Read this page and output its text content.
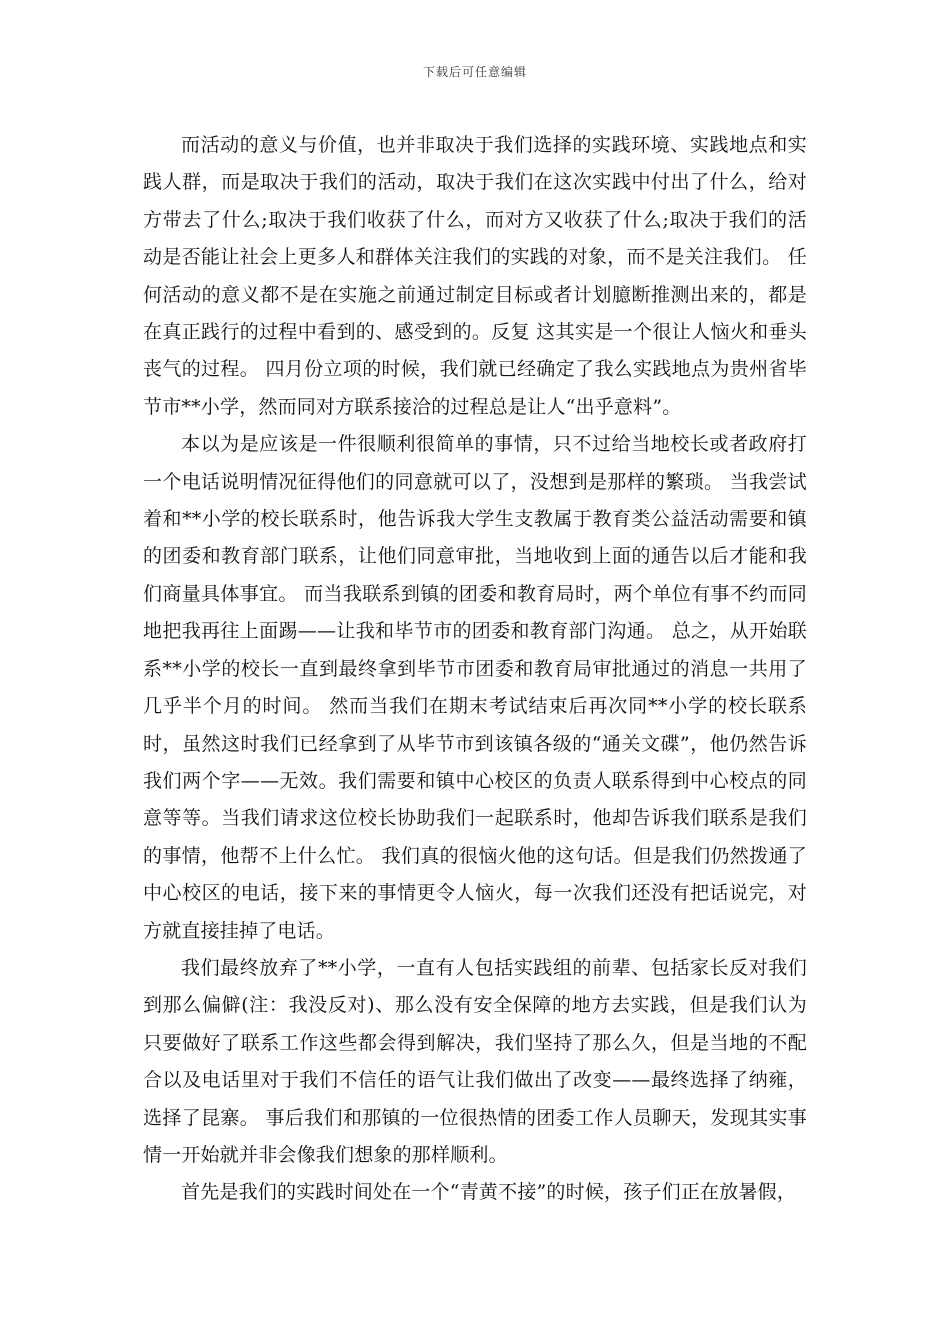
下载后可任意编辑

而活动的意义与价值，也并非取决于我们选择的实践环境、实践地点和实践人群，而是取决于我们的活动，取决于我们在这次实践中付出了什么，给对方带去了什么;取决于我们收获了什么，而对方又收获了什么;取决于我们的活动是否能让社会上更多人和群体关注我们的实践的对象，而不是关注我们。 任何活动的意义都不是在实施之前通过制定目标或者计划臆断推测出来的，都是在真正践行的过程中看到的、感受到的。反复 这其实是一个很让人恼火和垂头丧气的过程。 四月份立项的时候，我们就已经确定了我么实践地点为贵州省毕节市**小学，然而同对方联系接洽的过程总是让人“出乎意料”。

本以为是应该是一件很顺利很简单的事情，只不过给当地校长或者政府打一个电话说明情况征得他们的同意就可以了，没想到是那样的繁琐。 当我尝试着和**小学的校长联系时，他告诉我大学生支教属于教育类公益活动需要和镇的团委和教育部门联系，让他们同意审批，当地收到上面的通告以后才能和我们商量具体事宜。 而当我联系到镇的团委和教育局时，两个单位有事不约而同地把我再往上面踢——让我和毕节市的团委和教育部门沟通。 总之，从开始联系**小学的校长一直到最终拿到毕节市团委和教育局审批通过的消息一共用了几乎半个月的时间。 然而当我们在期末考试结束后再次同**小学的校长联系时，虽然这时我们已经拿到了从毕节市到该镇各级的“通关文碟”，他仍然告诉我们两个字——无效。我们需要和镇中心校区的负责人联系得到中心校点的同意等等。当我们请求这位校长协助我们一起联系时，他却告诉我们联系是我们的事情，他帮不上什么忙。 我们真的很恼火他的这句话。但是我们仍然拨通了中心校区的电话，接下来的事情更令人恼火，每一次我们还没有把话说完，对方就直接挂掉了电话。

我们最终放弃了**小学，一直有人包括实践组的前辈、包括家长反对我们到那么偏僻(注：我没反对)、那么没有安全保障的地方去实践，但是我们认为只要做好了联系工作这些都会得到解决，我们坚持了那么久，但是当地的不配合以及电话里对于我们不信任的语气让我们做出了改变——最终选择了纳雍，选择了昆寨。 事后我们和那镇的一位很热情的团委工作人员聊天，发现其实事情一开始就并非会像我们想象的那样顺利。

首先是我们的实践时间处在一个“青黄不接”的时候，孩子们正在放暑假，
